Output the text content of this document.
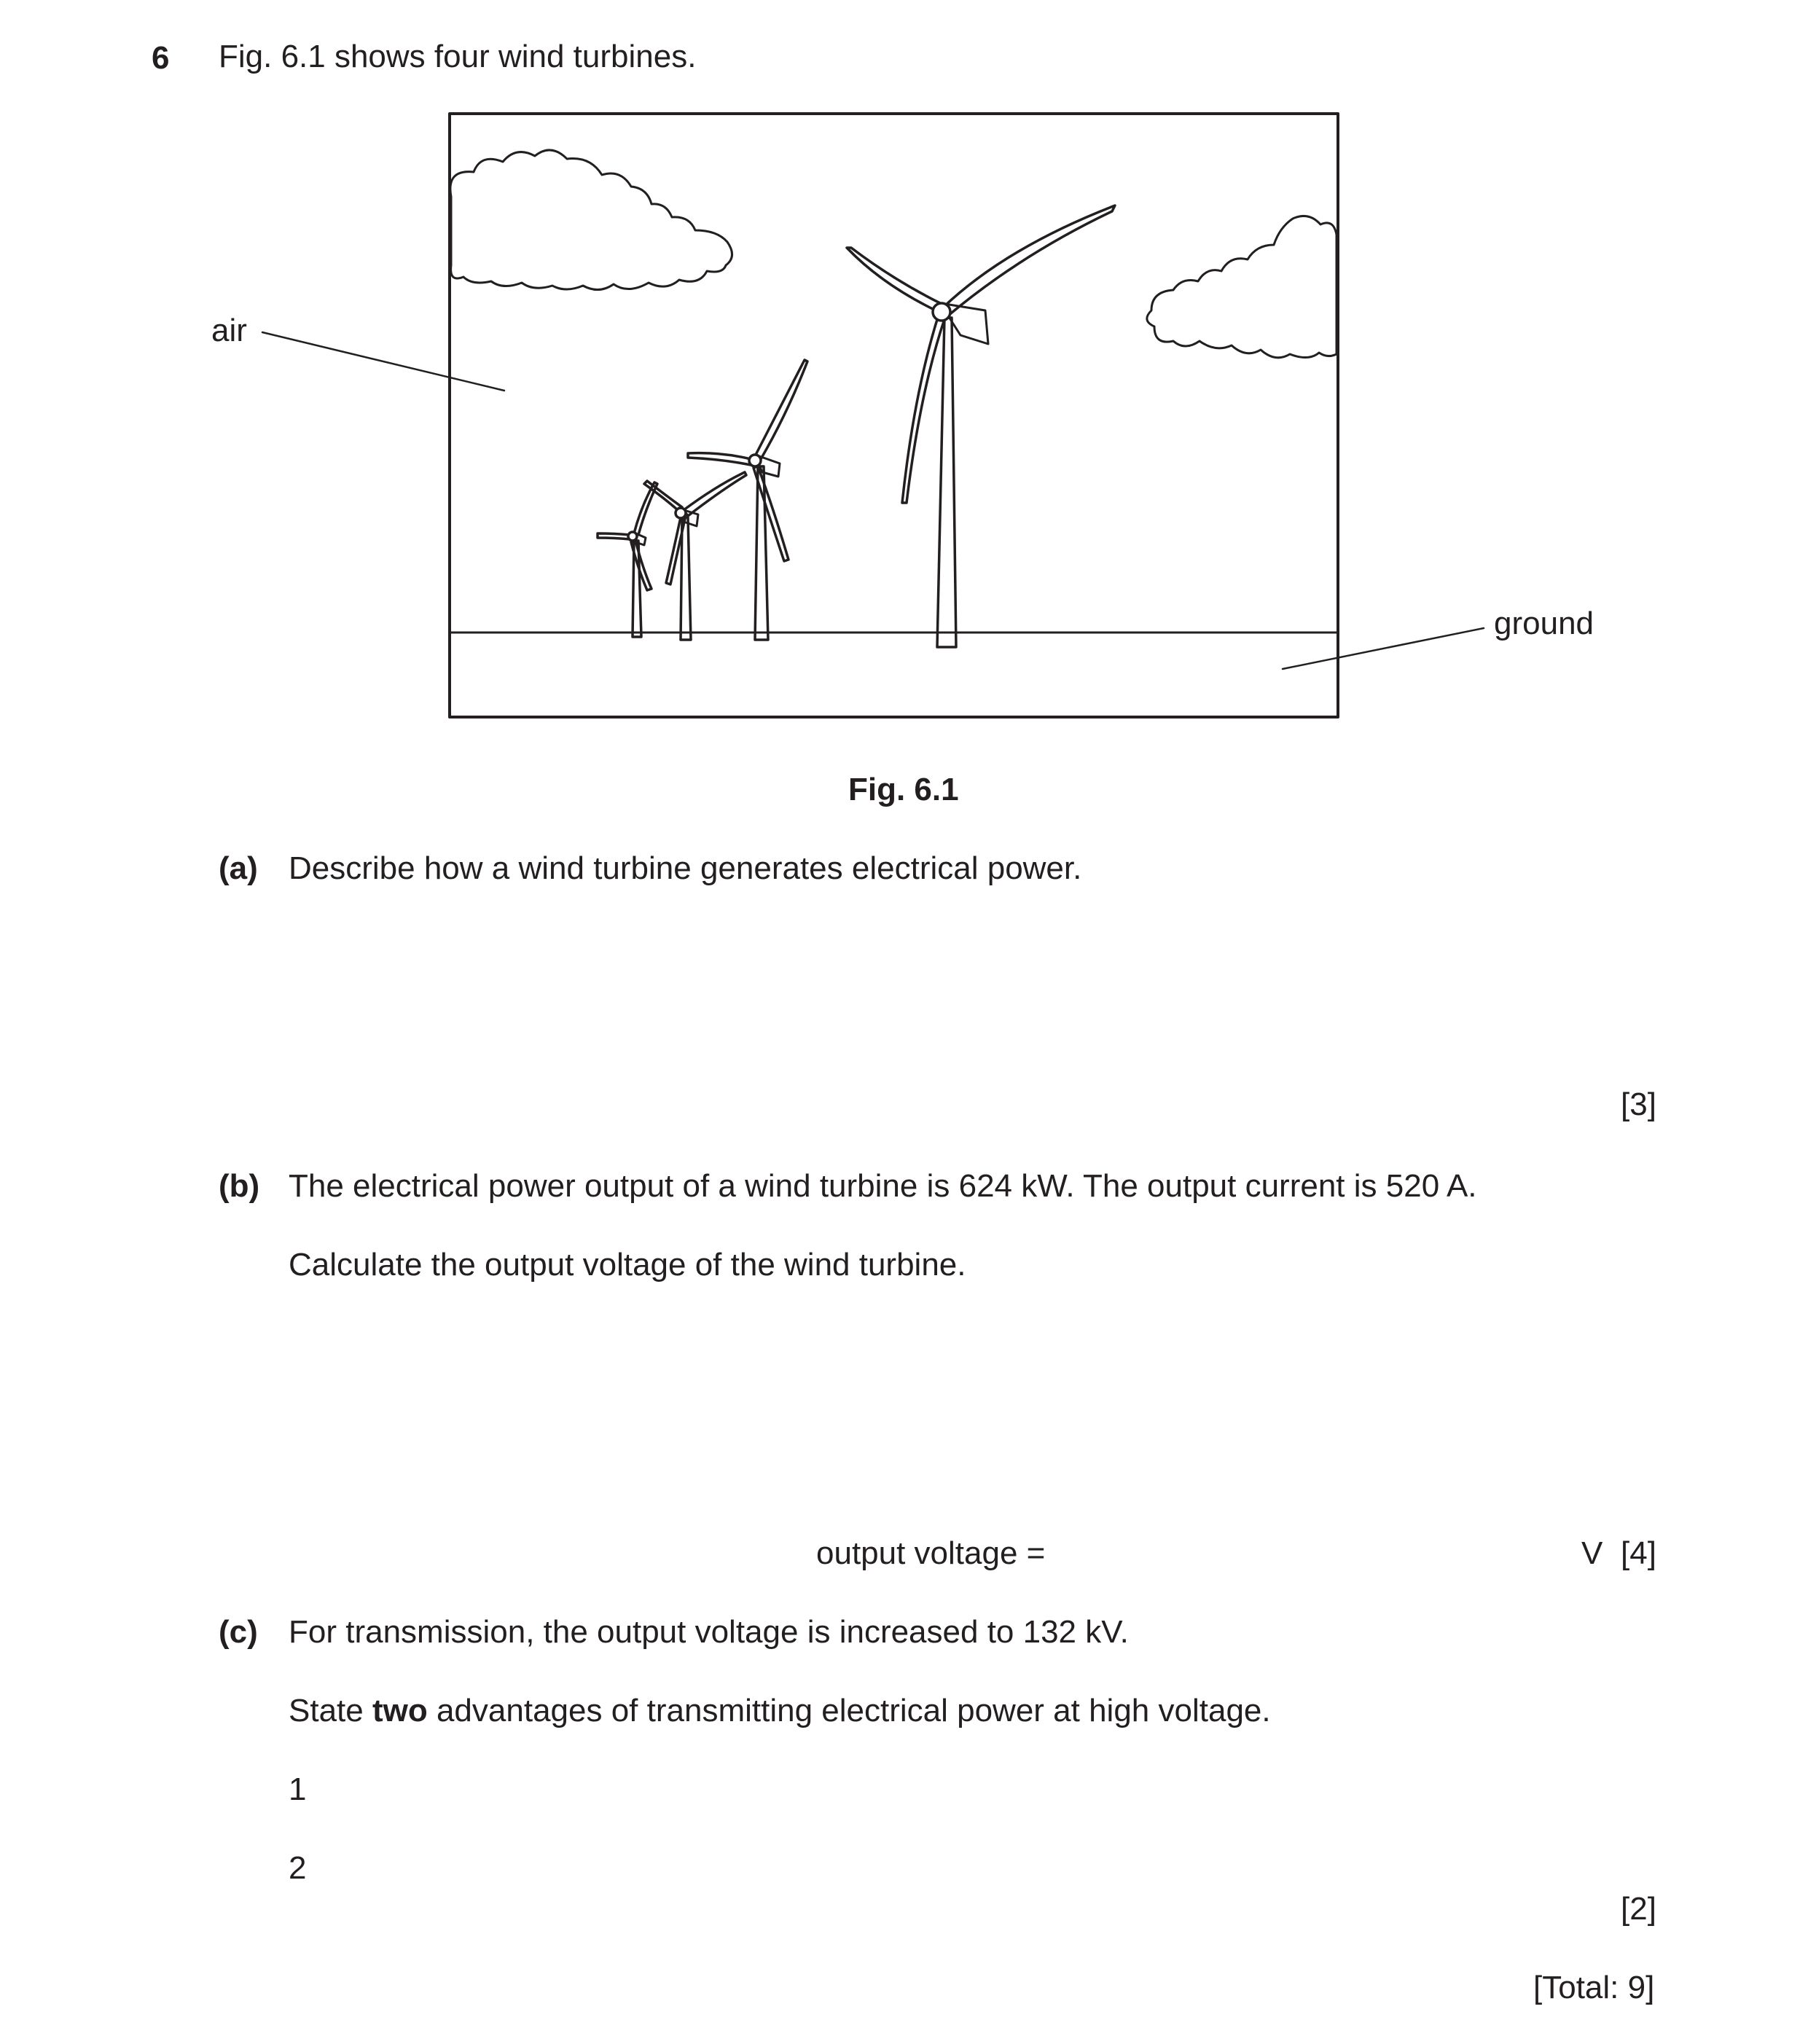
6 Fig. 6.1 shows four wind turbines.
air
ground
Fig. 6.1
(a) Describe how a wind turbine generates electrical power.
[3]
(b) The electrical power output of a wind turbine is 624 kW. The output current is 520 A.
Calculate the output voltage of the wind turbine.
output voltage =	V [4]
(c) For transmission, the output voltage is increased to 132 kV.
State two advantages of transmitting electrical power at high voltage.
1
2
[2]
[Total: 9]
